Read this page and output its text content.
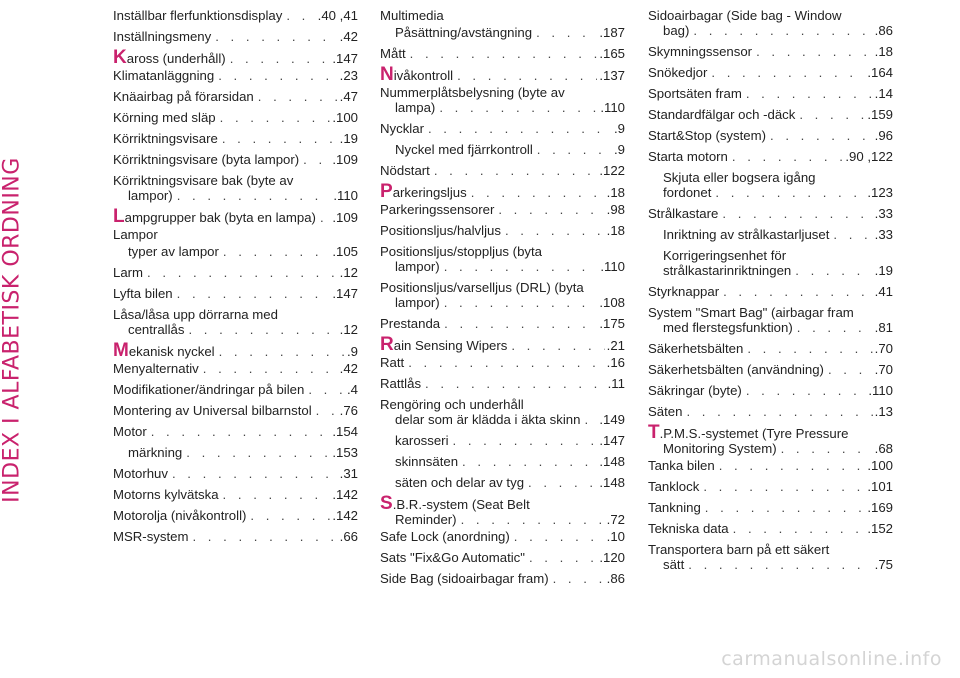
INDEX I ALFABETISK ORDNING
Inställbar flerfunktionsdisplay . . .	.40 ,41
Inställningsmeny . . .	.42
K aross (underhåll) . . .	.147
Klimatanläggning . . .	.23
Knäairbag på förarsidan . . .	.47
Körning med släp . . .	.100
Körriktningsvisare . . .	.19
Körriktningsvisare (byta lampor) . . .	.109
Körriktningsvisare bak (byte av
lampor) . . .	.110
L ampgrupper bak (byta en lampa) . . . .109
Lampor
typer av lampor . . .	.105
Larm . . .	.12
Lyfta bilen . . .	.147
Låsa/låsa upp dörrarna med
centrallås . . .	.12
M ekanisk nyckel . . .	.9
Menyalternativ . . .	.42
Modifikationer/ändringar på bilen . . .	.4
Montering av Universal bilbarnstol . . . .76
Motor . . .	.154
märkning . . .	.153
Motorhuv . . .	.31
Motorns kylvätska . . .	.142
Motorolja (nivåkontroll) . . .	.142
MSR-system . . .	.66
Multimedia
Påsättning/avstängning . . .	.187
Mått . . .	.165
N ivåkontroll . . .	.137
Nummerplåtsbelysning (byte av
lampa) . . .	.110
Nycklar . . .	.9
Nyckel med fjärrkontroll . . .	.9
Nödstart . . .	.122
P arkeringsljus . . .	.18
Parkeringssensorer . . .	.98
Positionsljus/halvljus . . .	.18
Positionsljus/stoppljus (byta
lampor) . . .	.110
Positionsljus/varselljus (DRL) (byta
lampor) . . .	.108
Prestanda . . .	.175
R ain Sensing Wipers . . .	.21
Ratt . . .	.16
Rattlås . . .	.11
Rengöring och underhåll
delar som är klädda i äkta skinn . . . .149
karosseri . . .	.147
skinnsäten . . .	.148
säten och delar av tyg . . .	.148
S .B.R.-system (Seat Belt
Reminder) . . .	.72
Safe Lock (anordning) . . .	.10
Sats "Fix&Go Automatic" . . .	.120
Side Bag (sidoairbagar fram) . . .	.86
Sidoairbagar (Side bag - Window
bag) . . .	.86
Skymningssensor . . .	.18
Snökedjor . . .	.164
Sportsäten fram . . .	.14
Standardfälgar och -däck . . .	.159
Start&Stop (system) . . .	.96
Starta motorn . . .	.90 ,122
Skjuta eller bogsera igång
fordonet . . .	.123
Strålkastare . . .	.33
Inriktning av strålkastarljuset . . .	.33
Korrigeringsenhet för
strålkastarinriktningen . . .	.19
Styrknappar . . .	.41
System "Smart Bag" (airbagar fram
med flerstegsfunktion) . . .	.81
Säkerhetsbälten . . .	.70
Säkerhetsbälten (användning) . . .	.70
Säkringar (byte) . . .	.110
Säten . . .	.13
T .P.M.S.-systemet (Tyre Pressure
Monitoring System) . . .	.68
Tanka bilen . . .	.100
Tanklock . . .	.101
Tankning . . .	.169
Tekniska data . . .	.152
Transportera barn på ett säkert
sätt . . .	.75
carmanualsonline.info
